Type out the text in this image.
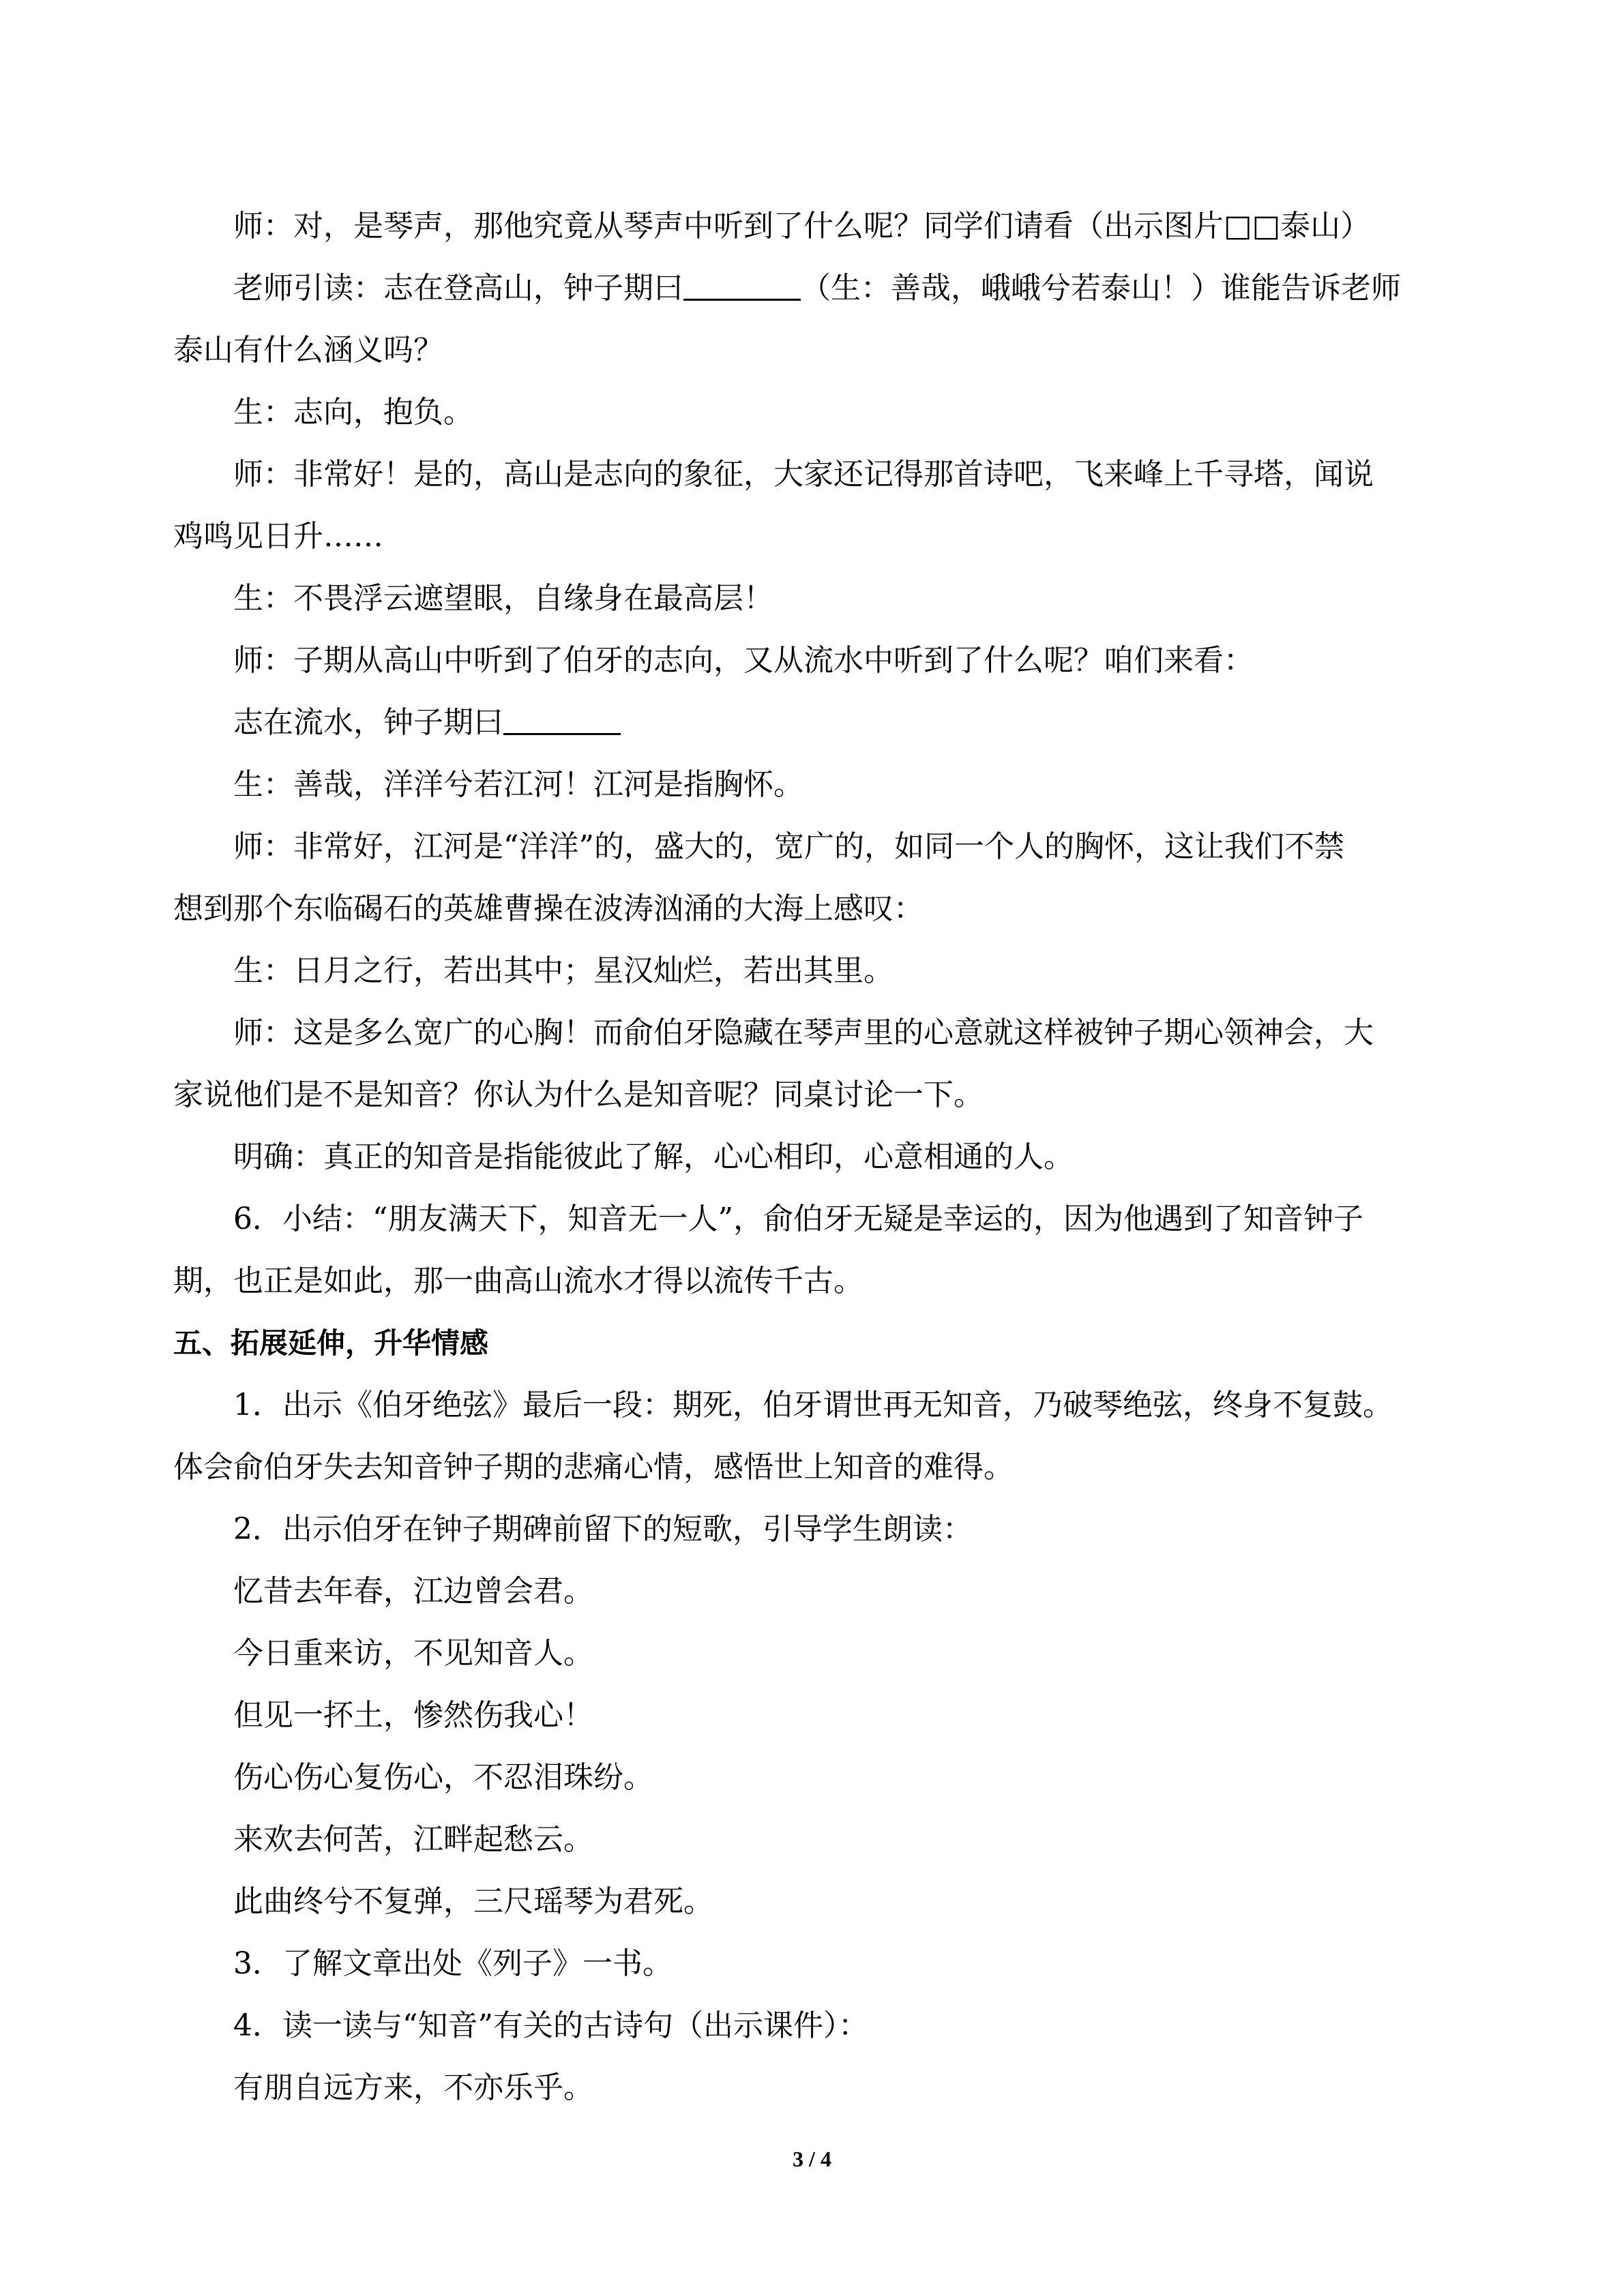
师：对，是琴声，那他究竟从琴声中听到了什么呢？同学们请看（出示图片□□泰山）
老师引读：志在登高山，钟子期曰	（生：善哉，峨峨兮若泰山！）谁能告诉老师
泰山有什么涵义吗？
生：志向，抱负。
师：非常好！是的，高山是志向的象征，大家还记得那首诗吧，飞来峰上千寻塔，闻说
鸡鸣见日升……
生：不畏浮云遮望眼，自缘身在最高层！
师：子期从高山中听到了伯牙的志向，又从流水中听到了什么呢？咱们来看：
志在流水，钟子期曰
生：善哉，洋洋兮若江河！江河是指胸怀。
师：非常好，江河是“洋洋”的，盛大的，宽广的，如同一个人的胸怀，这让我们不禁
想到那个东临碣石的英雄曹操在波涛汹涌的大海上感叹：
生：日月之行，若出其中；星汉灿烂，若出其里。
师：这是多么宽广的心胸！而俞伯牙隐藏在琴声里的心意就这样被钟子期心领神会，大
家说他们是不是知音？你认为什么是知音呢？同桌讨论一下。
明确：真正的知音是指能彼此了解，心心相印，心意相通的人。
6．小结：“朋友满天下，知音无一人”，俞伯牙无疑是幸运的，因为他遇到了知音钟子
期，也正是如此，那一曲高山流水才得以流传千古。
五、拓展延伸，升华情感
1．出示《伯牙绝弦》最后一段：期死，伯牙谓世再无知音，乃破琴绝弦，终身不复鼓。
体会俞伯牙失去知音钟子期的悲痛心情，感悟世上知音的难得。
2．出示伯牙在钟子期碑前留下的短歌，引导学生朗读：
忆昔去年春，江边曾会君。
今日重来访，不见知音人。
但见一抔土，惨然伤我心！
伤心伤心复伤心，不忍泪珠纷。
来欢去何苦，江畔起愁云。
此曲终兮不复弹，三尺瑶琴为君死。
3．了解文章出处《列子》一书。
4．读一读与“知音”有关的古诗句（出示课件）：
有朋自远方来，不亦乐乎。
3 / 4
